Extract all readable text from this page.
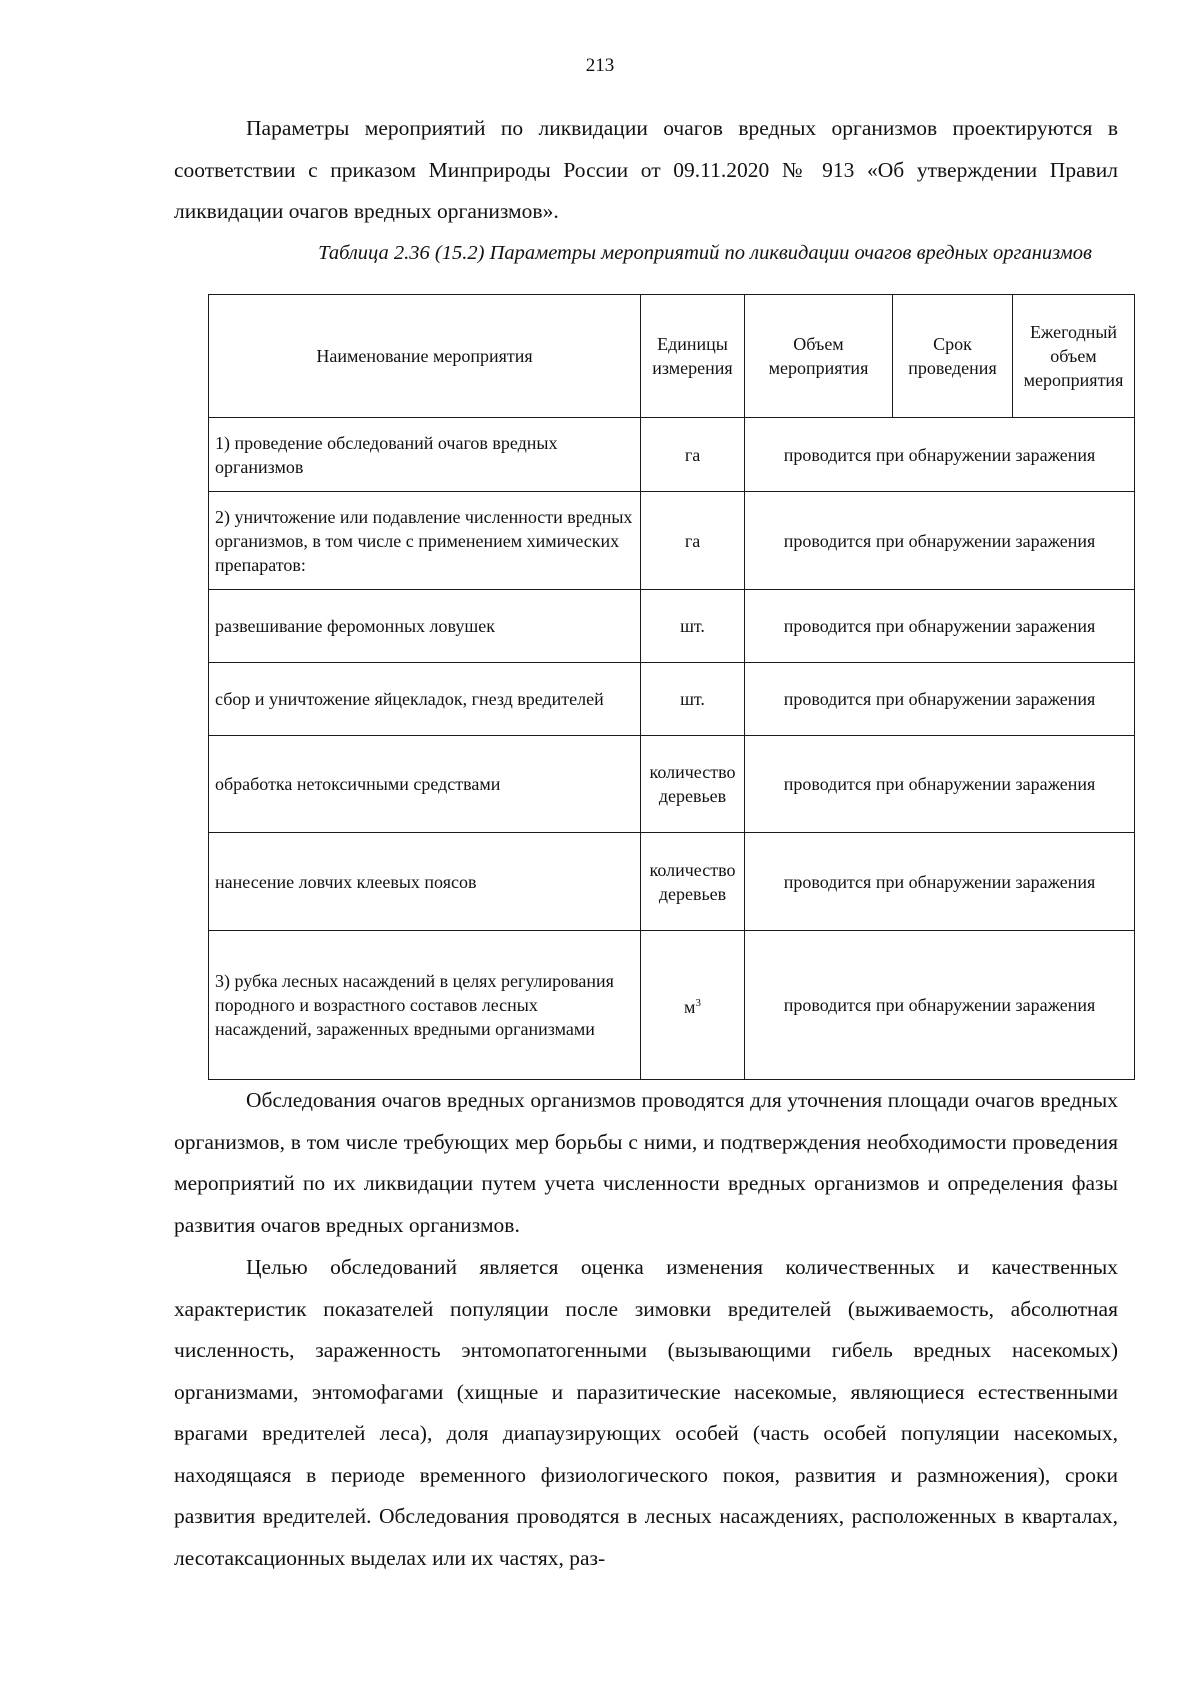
213

Параметры мероприятий по ликвидации очагов вредных организмов проектируются в соответствии с приказом Минприроды России от 09.11.2020 № 913 «Об утверждении Правил ликвидации очагов вредных организмов».

Таблица 2.36 (15.2) Параметры мероприятий по ликвидации очагов вредных организмов

Наименование мероприятия	Единицы измерения	Объем мероприятия	Срок проведения	Ежегодный объем мероприятия
1) проведение обследований очагов вредных организмов	га	проводится при обнаружении заражения		
2) уничтожение или подавление численности вредных организмов, в том числе с применением химических препаратов:	га	проводится при обнаружении заражения		
развешивание феромонных ловушек	шт.	проводится при обнаружении заражения		
сбор и уничтожение яйцекладок, гнезд вредителей	шт.	проводится при обнаружении заражения		
обработка нетоксичными средствами	количество деревьев	проводится при обнаружении заражения		
нанесение ловчих клеевых поясов	количество деревьев	проводится при обнаружении заражения		
3) рубка лесных насаждений в целях регулирования породного и возрастного составов лесных насаждений, зараженных вредными организмами	$м^3$	проводится при обнаружении заражения		

Обследования очагов вредных организмов проводятся для уточнения площади очагов вредных организмов, в том числе требующих мер борьбы с ними, и подтверждения необходимости проведения мероприятий по их ликвидации путем учета численности вредных организмов и определения фазы развития очагов вредных организмов.

Целью обследований является оценка изменения количественных и качественных характеристик показателей популяции после зимовки вредителей (выживаемость, абсолютная численность, зараженность энтомопатогенными (вызывающими гибель вредных насекомых) организмами, энтомофагами (хищные и паразитические насекомые, являющиеся естественными врагами вредителей леса), доля диапаузирующих особей (часть особей популяции насекомых, находящаяся в периоде временного физиологического покоя, развития и размножения), сроки развития вредителей. Обследования проводятся в лесных насаждениях, расположенных в кварталах, лесотаксационных выделах или их частях, раз-
